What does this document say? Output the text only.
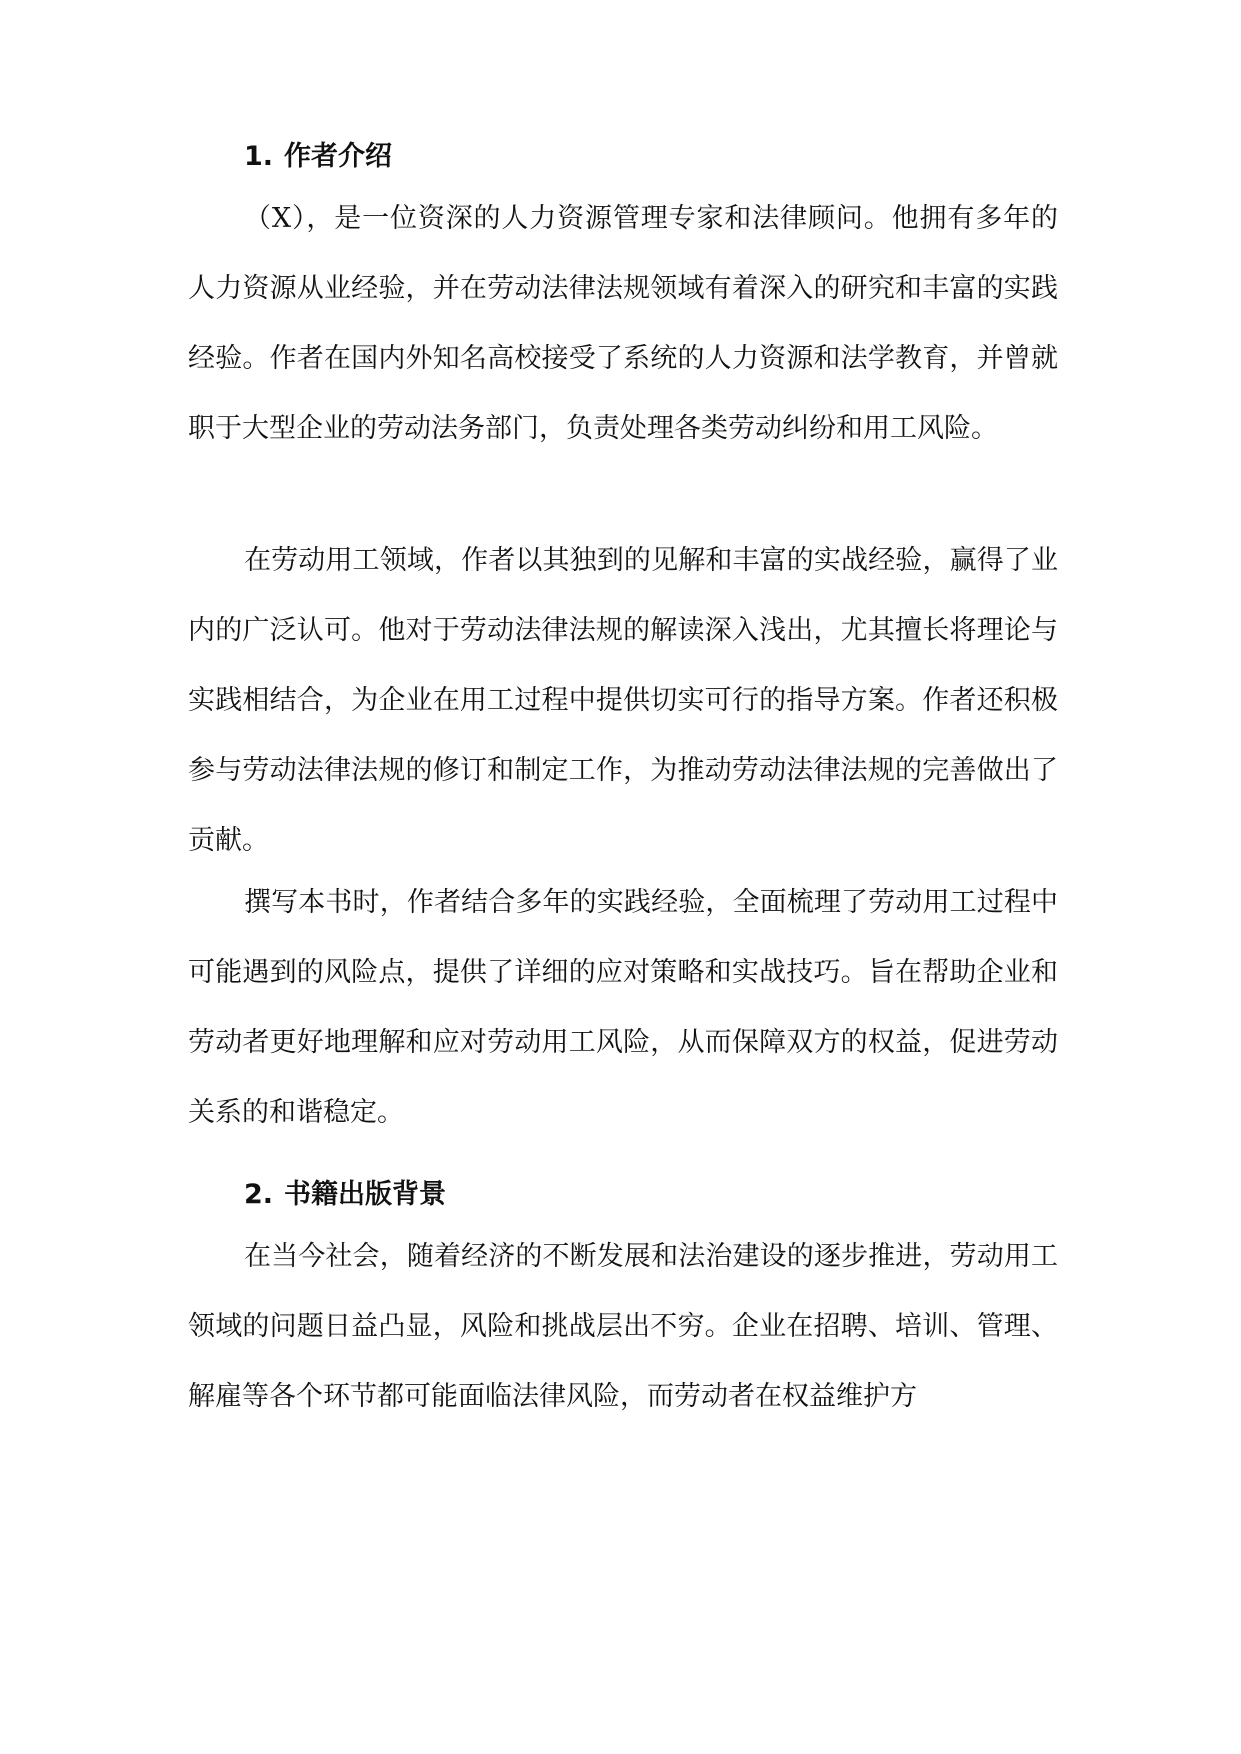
1. 作者介绍

（X），是一位资深的人力资源管理专家和法律顾问。他拥有多年的人力资源从业经验，并在劳动法律法规领域有着深入的研究和丰富的实践经验。作者在国内外知名高校接受了系统的人力资源和法学教育，并曾就职于大型企业的劳动法务部门，负责处理各类劳动纠纷和用工风险。

在劳动用工领域，作者以其独到的见解和丰富的实战经验，赢得了业内的广泛认可。他对于劳动法律法规的解读深入浅出，尤其擅长将理论与实践相结合，为企业在用工过程中提供切实可行的指导方案。作者还积极参与劳动法律法规的修订和制定工作，为推动劳动法律法规的完善做出了贡献。

撰写本书时，作者结合多年的实践经验，全面梳理了劳动用工过程中可能遇到的风险点，提供了详细的应对策略和实战技巧。旨在帮助企业和劳动者更好地理解和应对劳动用工风险，从而保障双方的权益，促进劳动关系的和谐稳定。

2. 书籍出版背景

在当今社会，随着经济的不断发展和法治建设的逐步推进，劳动用工领域的问题日益凸显，风险和挑战层出不穷。企业在招聘、培训、管理、解雇等各个环节都可能面临法律风险，而劳动者在权益维护方
